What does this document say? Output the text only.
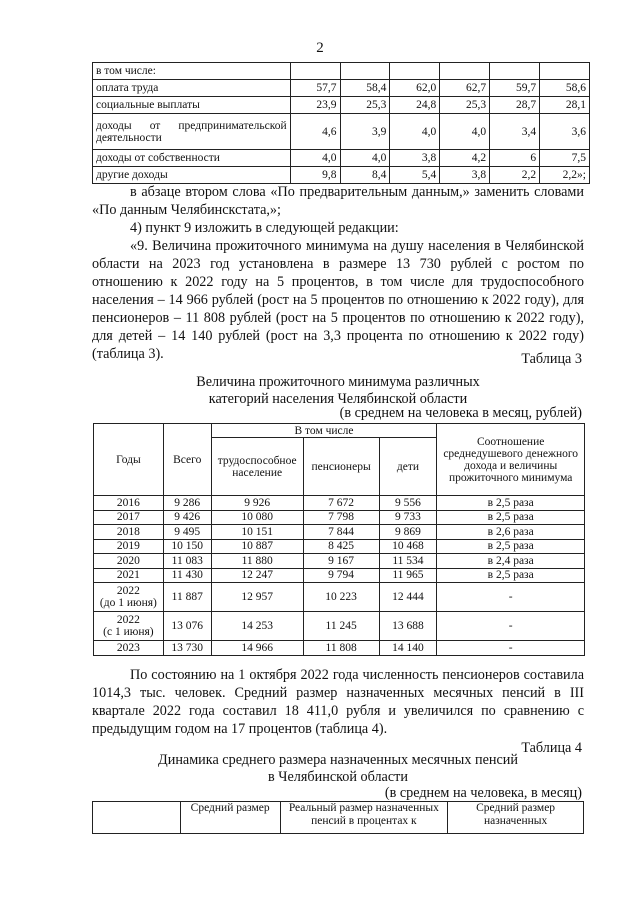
2
в том числе:						
оплата труда	57,7	58,4	62,0	62,7	59,7	58,6
социальные выплаты	23,9	25,3	24,8	25,3	28,7	28,1
доходы от предпринимательской деятельности	4,6	3,9	4,0	4,0	3,4	3,6
доходы от собственности	4,0	4,0	3,8	4,2	6	7,5
другие доходы	9,8	8,4	5,4	3,8	2,2	2,2»;
в абзаце втором слова «По предварительным данным,» заменить словами «По данным Челябинскстата,»;
4) пункт 9 изложить в следующей редакции:
«9. Величина прожиточного минимума на душу населения в Челябинской области на 2023 год установлена в размере 13 730 рублей с ростом по отношению к 2022 году на 5 процентов, в том числе для трудоспособного населения – 14 966 рублей (рост на 5 процентов по отношению к 2022 году), для пенсионеров – 11 808 рублей (рост на 5 процентов по отношению к 2022 году), для детей – 14 140 рублей (рост на 3,3 процента по отношению к 2022 году) (таблица 3).	Таблица 3
Величина прожиточного минимума различных
категорий населения Челябинской области
(в среднем на человека в месяц, рублей)
Годы	Всего	В том числе			Соотношение среднедушевого денежного дохода и величины прожиточного минимума
		трудоспособное население	пенсионеры	дети	

2016	9 286	9 926	7 672	9 556	в 2,5 раза

2017	9 426	10 080	7 798	9 733	в 2,5 раза

2018	9 495	10 151	7 844	9 869	в 2,6 раза

2019	10 150	10 887	8 425	10 468	в 2,5 раза

2020	11 083	11 880	9 167	11 534	в 2,4 раза

2021	11 430	12 247	9 794	11 965	в 2,5 раза

2022
(до 1 июня)	11 887	12 957	10 223	12 444	-

2022
(с 1 июня)	13 076	14 253	11 245	13 688	-

2023	13 730	14 966	11 808	14 140	-
По состоянию на 1 октября 2022 года численность пенсионеров составила 1014,3 тыс. человек. Средний размер назначенных месячных пенсий в III квартале 2022 года составил 18 411,0 рубля и увеличился по сравнению с предыдущим годом на 17 процентов (таблица 4).
Таблица 4
Динамика среднего размера назначенных месячных пенсий
в Челябинской области
(в среднем на человека, в месяц)
	Средний размер	Реальный размер назначенных пенсий в процентах к	Средний размер назначенных
